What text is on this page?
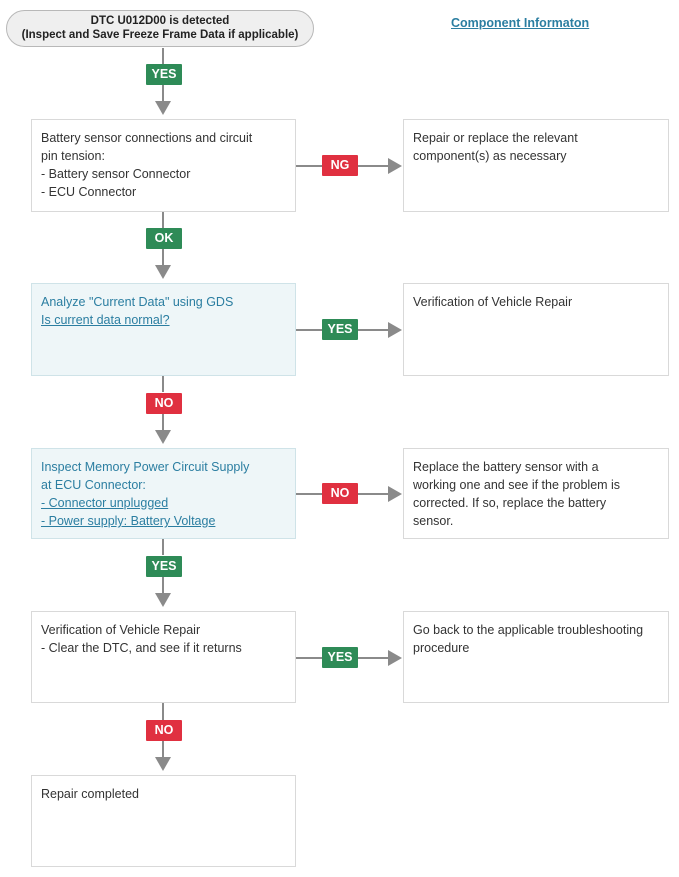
DTC U012D00 is detected
(Inspect and Save Freeze Frame Data if applicable)
Component Informaton
YES
Battery sensor connections and circuit
pin tension:
- Battery sensor Connector
- ECU Connector
NG
Repair or replace the relevant
component(s) as necessary
OK
Analyze "Current Data" using GDS
Is current data normal?
YES
Verification of Vehicle Repair
NO
Inspect Memory Power Circuit Supply
at ECU Connector:
- Connector unplugged
- Power supply: Battery Voltage
NO
Replace the battery sensor with a
working one and see if the problem is
corrected. If so, replace the battery
sensor.
YES
Verification of Vehicle Repair
- Clear the DTC, and see if it returns
YES
Go back to the applicable troubleshooting
procedure
NO
Repair completed
